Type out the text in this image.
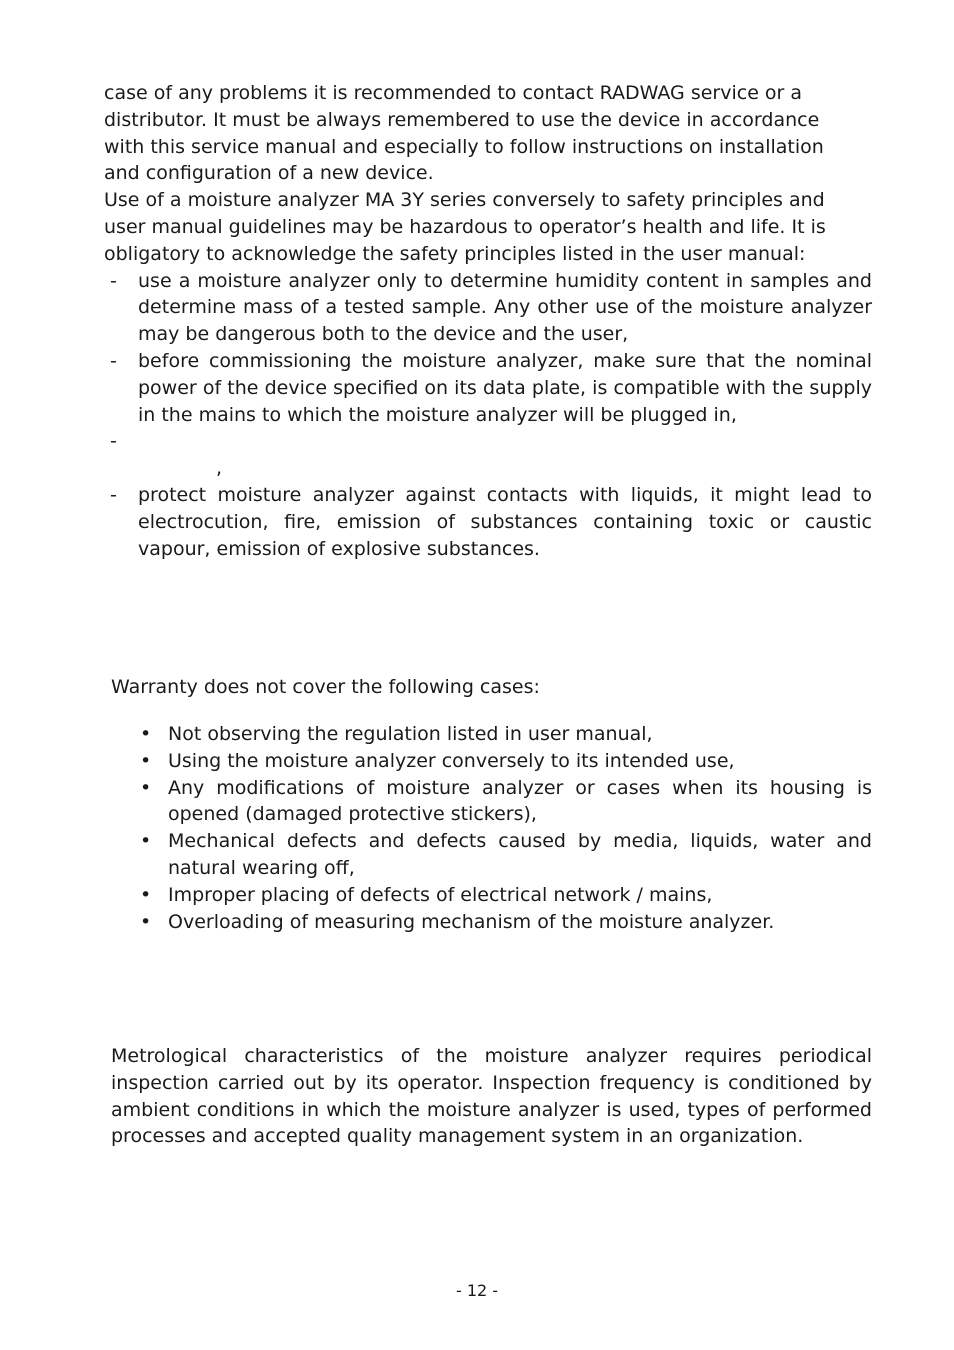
case of any problems it is recommended to contact RADWAG service or a

distributor. It must be always remembered to use the device in accordance

with this service manual and especially to follow instructions on installation

and configuration of a new device.

Use of a moisture analyzer MA 3Y series conversely to safety principles and

user manual guidelines may be hazardous to operator’s health and life. It is

obligatory to acknowledge the safety principles listed in the user manual:

- use a moisture analyzer only to determine humidity content in samples and determine mass of a tested sample. Any other use of the moisture analyzer may be dangerous both to the device and the user,
- before commissioning the moisture analyzer, make sure that the nominal power of the device specified on its data plate, is compatible with the supply in the mains to which the moisture analyzer will be plugged in,
-
,
- protect moisture analyzer against contacts with liquids, it might lead to electrocution, fire, emission of substances containing toxic or caustic vapour, emission of explosive substances.

Warranty does not cover the following cases:

• Not observing the regulation listed in user manual,
• Using the moisture analyzer conversely to its intended use,
• Any modifications of moisture analyzer or cases when its housing is opened (damaged protective stickers),
• Mechanical defects and defects caused by media, liquids, water and natural wearing off,
• Improper placing of defects of electrical network / mains,
• Overloading of measuring mechanism of the moisture analyzer.

Metrological characteristics of the moisture analyzer requires periodical inspection carried out by its operator. Inspection frequency is conditioned by ambient conditions in which the moisture analyzer is used, types of performed processes and accepted quality management system in an organization.

- 12 -
